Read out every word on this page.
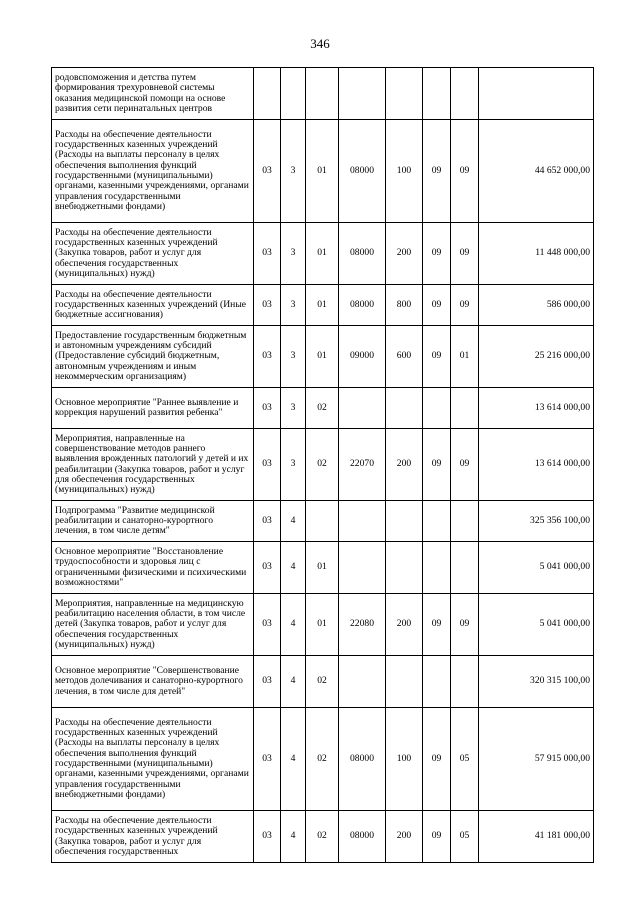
346
родовспоможения и детства путем формирования трехуровневой системы оказания медицинской помощи на основе развития сети перинатальных центров								
Расходы на обеспечение деятельности государственных казенных учреждений (Расходы на выплаты персоналу в целях обеспечения выполнения функций государственными (муниципальными) органами, казенными учреждениями, органами управления государственными внебюджетными фондами)	03	3	01	08000	100	09	09	44 652 000,00
Расходы на обеспечение деятельности государственных казенных учреждений (Закупка товаров, работ и услуг для обеспечения государственных (муниципальных) нужд)	03	3	01	08000	200	09	09	11 448 000,00
Расходы на обеспечение деятельности государственных казенных учреждений (Иные бюджетные ассигнования)	03	3	01	08000	800	09	09	586 000,00
Предоставление государственным бюджетным и автономным учреждениям субсидий (Предоставление субсидий бюджетным, автономным учреждениям и иным некоммерческим организациям)	03	3	01	09000	600	09	01	25 216 000,00
Основное мероприятие "Раннее выявление и коррекция нарушений развития ребенка"	03	3	02					13 614 000,00
Мероприятия, направленные на совершенствование методов раннего выявления врожденных патологий у детей и их реабилитации (Закупка товаров, работ и услуг для обеспечения государственных (муниципальных) нужд)	03	3	02	22070	200	09	09	13 614 000,00
Подпрограмма "Развитие медицинской реабилитации и санаторно-курортного лечения, в том числе детям"	03	4						325 356 100,00
Основное мероприятие "Восстановление трудоспособности и здоровья лиц с ограниченными физическими и психическими возможностями"	03	4	01					5 041 000,00
Мероприятия, направленные на медицинскую реабилитацию населения области, в том числе детей (Закупка товаров, работ и услуг для обеспечения государственных (муниципальных) нужд)	03	4	01	22080	200	09	09	5 041 000,00
Основное мероприятие "Совершенствование методов долечивания и санаторно-курортного лечения, в том числе для детей"	03	4	02					320 315 100,00
Расходы на обеспечение деятельности государственных казенных учреждений (Расходы на выплаты персоналу в целях обеспечения выполнения функций государственными (муниципальными) органами, казенными учреждениями, органами управления государственными внебюджетными фондами)	03	4	02	08000	100	09	05	57 915 000,00
Расходы на обеспечение деятельности государственных казенных учреждений (Закупка товаров, работ и услуг для обеспечения государственных	03	4	02	08000	200	09	05	41 181 000,00
